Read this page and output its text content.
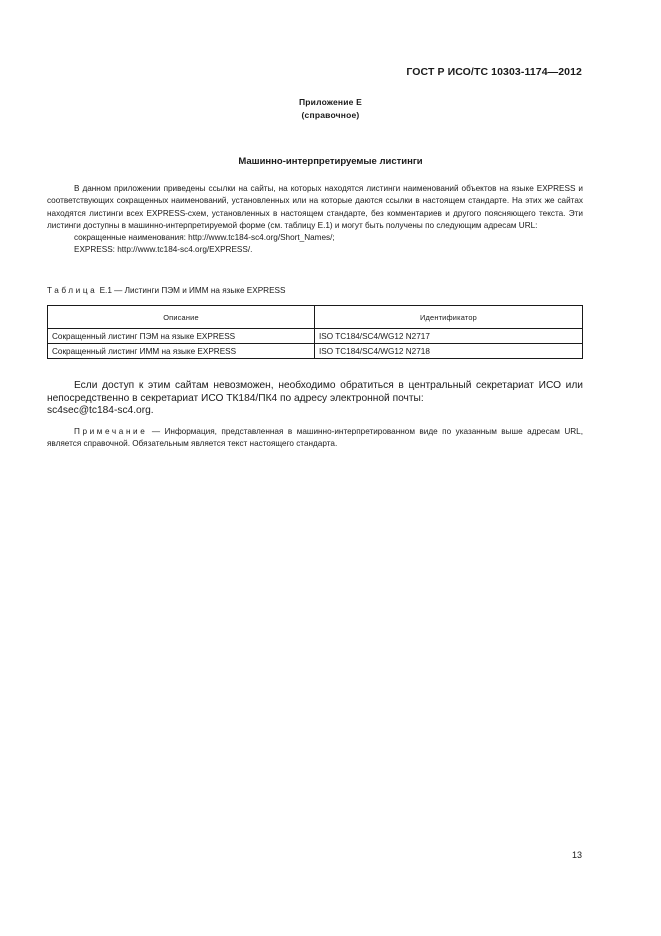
ГОСТ Р ИСО/ТС 10303-1174—2012
Приложение Е
(справочное)
Машинно-интерпретируемые листинги

В данном приложении приведены ссылки на сайты, на которых находятся листинги наименований объектов на языке EXPRESS и соответствующих сокращенных наименований, установленных или на которые даются ссылки в настоящем стандарте. На этих же сайтах находятся листинги всех EXPRESS-схем, установленных в настоящем стандарте, без комментариев и другого поясняющего текста. Эти листинги доступны в машинно-интерпретируемой форме (см. таблицу Е.1) и могут быть получены по следующим адресам URL:

сокращенные наименования: http://www.tc184-sc4.org/Short_Names/;

EXPRESS: http://www.tc184-sc4.org/EXPRESS/.

Таблица Е.1 — Листинги ПЭМ и ИММ на языке EXPRESS
Описание	Идентификатор
Сокращенный листинг ПЭМ на языке EXPRESS	ISO TC184/SC4/WG12 N2717
Сокращенный листинг ИММ на языке EXPRESS	ISO TC184/SC4/WG12 N2718

Если доступ к этим сайтам невозможен, необходимо обратиться в центральный секретариат ИСО или непосредственно в секретариат ИСО ТК184/ПК4 по адресу электронной почты:

sc4sec@tc184-sc4.org.

Примечание — Информация, представленная в машинно-интерпретированном виде по указанным выше адресам URL, является справочной. Обязательным является текст настоящего стандарта.

13
